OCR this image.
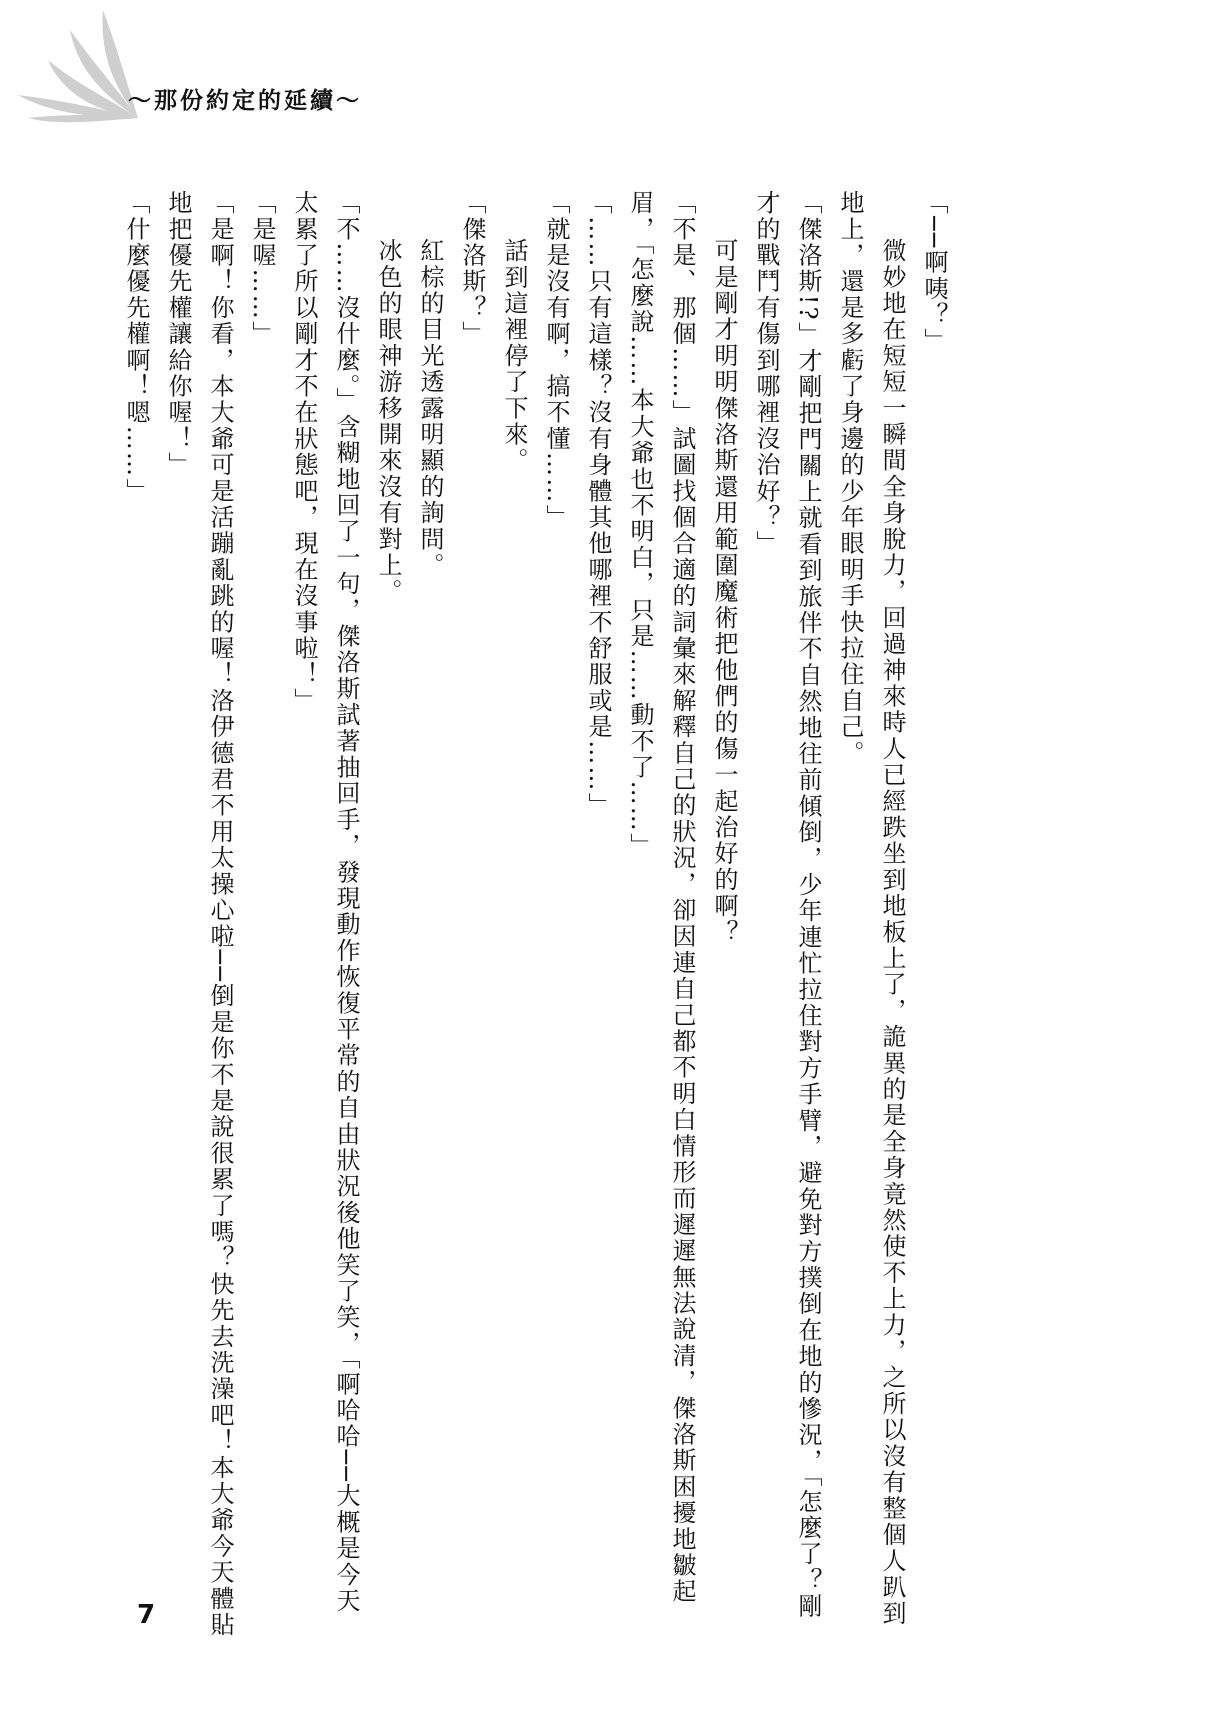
～那份約定的延續～

「──啊咦？」

微妙地在短短一瞬間全身脫力，回過神來時人已經跌坐到地板上了，詭異的是全身竟然使不上力，之所以沒有整個人趴到地上，還是多虧了身邊的少年眼明手快拉住自己。

「傑洛斯!?」才剛把門關上就看到旅伴不自然地往前傾倒，少年連忙拉住對方手臂，避免對方撲倒在地的慘況，「怎麼了？剛才的戰鬥有傷到哪裡沒治好？」

可是剛才明明傑洛斯還用範圍魔術把他們的傷一起治好的啊？

「不是、那個……」試圖找個合適的詞彙來解釋自己的狀況，卻因連自己都不明白情形而遲遲無法說清，傑洛斯困擾地皺起眉，「怎麼說……本大爺也不明白，只是……動不了……」

「……只有這樣？沒有身體其他哪裡不舒服或是……」

「就是沒有啊，搞不懂……」

話到這裡停了下來。

「傑洛斯？」

紅棕的目光透露明顯的詢問。

冰色的眼神游移開來沒有對上。

「不……沒什麼。」含糊地回了一句，傑洛斯試著抽回手，發現動作恢復平常的自由狀況後他笑了笑，「啊哈哈──大概是今天太累了所以剛才不在狀態吧，現在沒事啦！」

「是喔……」

「是啊！你看，本大爺可是活蹦亂跳的喔！洛伊德君不用太操心啦──倒是你不是說很累了嗎？快先去洗澡吧！本大爺今天體貼地把優先權讓給你喔！」

「什麼優先權啊！嗯……」

7
